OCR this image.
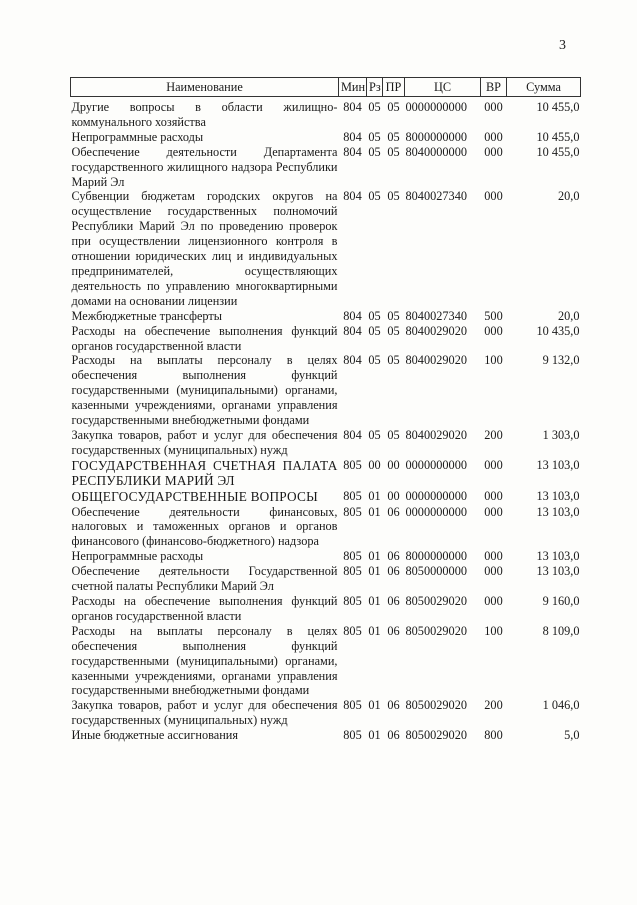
3
Наименование	Мин	Рз	ПР	ЦС	ВР	Сумма

Другие вопросы в области жилищно-коммунального хозяйства	804	05	05	0000000000	000	10 455,0
Непрограммные расходы	804	05	05	8000000000	000	10 455,0
Обеспечение деятельности Департамента государственного жилищного надзора Республики Марий Эл	804	05	05	8040000000	000	10 455,0
Субвенции бюджетам городских округов на осуществление государственных полномочий Республики Марий Эл по проведению проверок при осуществлении лицензионного контроля в отношении юридических лиц и индивидуальных предпринимателей, осуществляющих деятельность по управлению многоквартирными домами на основании лицензии	804	05	05	8040027340	000	20,0
Межбюджетные трансферты	804	05	05	8040027340	500	20,0
Расходы на обеспечение выполнения функций органов государственной власти	804	05	05	8040029020	000	10 435,0
Расходы на выплаты персоналу в целях обеспечения выполнения функций государственными (муниципальными) органами, казенными учреждениями, органами управления государственными внебюджетными фондами	804	05	05	8040029020	100	9 132,0
Закупка товаров, работ и услуг для обеспечения государственных (муниципальных) нужд	804	05	05	8040029020	200	1 303,0
ГОСУДАРСТВЕННАЯ СЧЕТНАЯ ПАЛАТА РЕСПУБЛИКИ МАРИЙ ЭЛ	805	00	00	0000000000	000	13 103,0
ОБЩЕГОСУДАРСТВЕННЫЕ ВОПРОСЫ	805	01	00	0000000000	000	13 103,0
Обеспечение деятельности финансовых, налоговых и таможенных органов и органов финансового (финансово-бюджетного) надзора	805	01	06	0000000000	000	13 103,0
Непрограммные расходы	805	01	06	8000000000	000	13 103,0
Обеспечение деятельности Государственной счетной палаты Республики Марий Эл	805	01	06	8050000000	000	13 103,0
Расходы на обеспечение выполнения функций органов государственной власти	805	01	06	8050029020	000	9 160,0
Расходы на выплаты персоналу в целях обеспечения выполнения функций государственными (муниципальными) органами, казенными учреждениями, органами управления государственными внебюджетными фондами	805	01	06	8050029020	100	8 109,0
Закупка товаров, работ и услуг для обеспечения государственных (муниципальных) нужд	805	01	06	8050029020	200	1 046,0
Иные бюджетные ассигнования	805	01	06	8050029020	800	5,0
